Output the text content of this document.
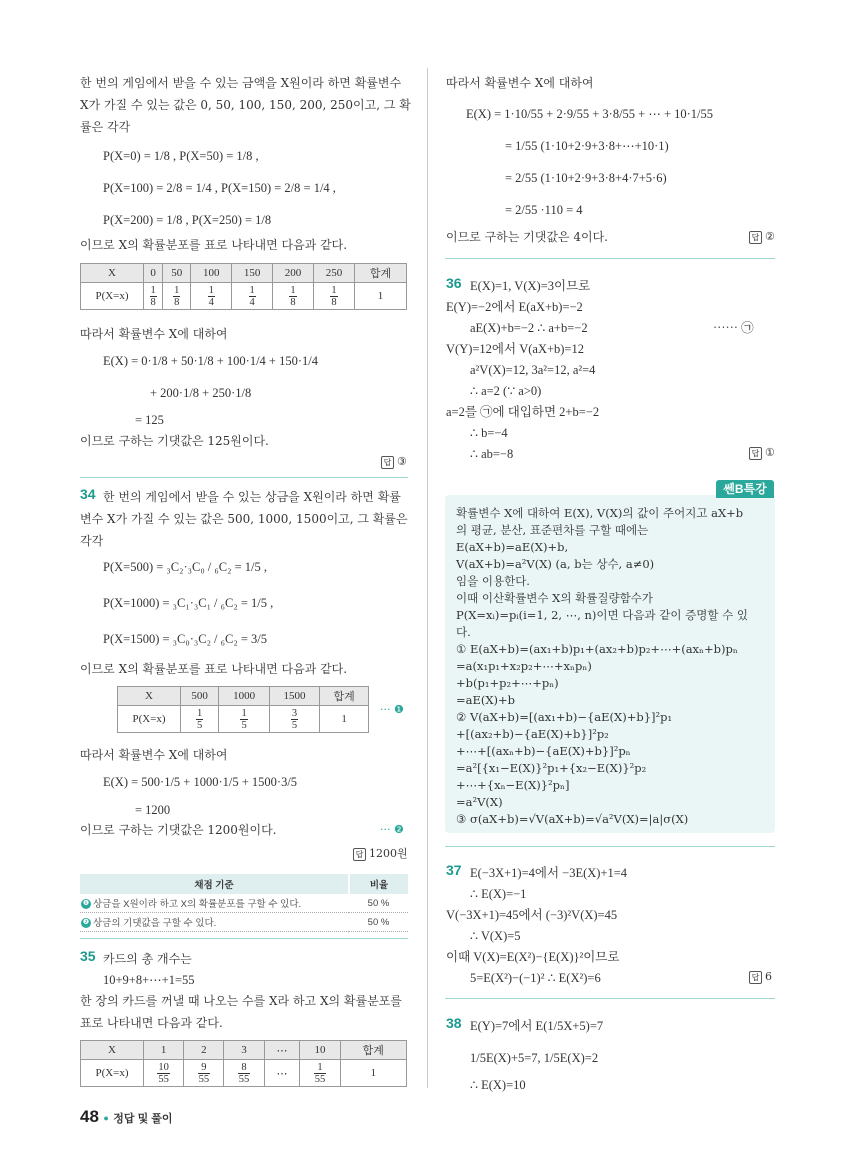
한 번의 게임에서 받을 수 있는 금액을 X원이라 하면 확률변수
X가 가질 수 있는 값은 0, 50, 100, 150, 200, 250이고, 그 확
률은 각각
P(X=0) = 1/8 , P(X=50) = 1/8 ,
P(X=100) = 2/8 = 1/4 , P(X=150) = 2/8 = 1/4 ,
P(X=200) = 1/8 , P(X=250) = 1/8
이므로 X의 확률분포를 표로 나타내면 다음과 같다.
X	0	50	100	150	200	250	합계
P(X=x)	$\frac{1}{8}$	$\frac{1}{8}$	$\frac{1}{4}$	$\frac{1}{4}$	$\frac{1}{8}$	$\frac{1}{8}$	1
따라서 확률변수 X에 대하여
E(X) = 0·1/8 + 50·1/8 + 100·1/4 + 150·1/4
+ 200·1/8 + 250·1/8
= 125
이므로 구하는 기댓값은 125원이다.
답 ③
34 한 번의 게임에서 받을 수 있는 상금을 X원이라 하면 확률
변수 X가 가질 수 있는 값은 500, 1000, 1500이고, 그 확률은
각각
P(X=500) = ₃C₂·₃C₀ / ₆C₂ = 1/5 ,
P(X=1000) = ₃C₁·₃C₁ / ₆C₂ = 1/5 ,
P(X=1500) = ₃C₀·₃C₂ / ₆C₂ = 3/5
이므로 X의 확률분포를 표로 나타내면 다음과 같다.
X	500	1000	1500	합계
P(X=x)	$\frac{1}{5}$	$\frac{1}{5}$	$\frac{3}{5}$	1
··· ❶
따라서 확률변수 X에 대하여
E(X) = 500·1/5 + 1000·1/5 + 1500·3/5
= 1200
이므로 구하는 기댓값은 1200원이다.	··· ❷
답 1200원
채점 기준	비율
❶ 상금을 X원이라 하고 X의 확률분포를 구할 수 있다.	50 %
❷ 상금의 기댓값을 구할 수 있다.	50 %
35 카드의 총 개수는
10+9+8+⋯+1=55
한 장의 카드를 꺼낼 때 나오는 수를 X라 하고 X의 확률분포를
표로 나타내면 다음과 같다.
X	1	2	3	⋯	10	합계
P(X=x)	$\frac{10}{55}$	$\frac{9}{55}$	$\frac{8}{55}$	⋯	$\frac{1}{55}$	1
따라서 확률변수 X에 대하여
E(X) = 1·10/55 + 2·9/55 + 3·8/55 + ⋯ + 10·1/55
= 1/55 (1·10+2·9+3·8+⋯+10·1)
= 2/55 (1·10+2·9+3·8+4·7+5·6)
= 2/55 ·110 = 4
이므로 구하는 기댓값은 4이다.	답 ②
36 E(X)=1, V(X)=3이므로
E(Y)=−2에서 E(aX+b)=−2
aE(X)+b=−2 ∴ a+b=−2	⋯⋯ ㉠
V(Y)=12에서 V(aX+b)=12
a²V(X)=12, 3a²=12, a²=4
∴ a=2 (∵ a>0)
a=2를 ㉠에 대입하면 2+b=−2
∴ b=−4
∴ ab=−8	답 ①
쎈B특강
확률변수 X에 대하여 E(X), V(X)의 값이 주어지고 aX+b
의 평균, 분산, 표준편차를 구할 때에는
E(aX+b)=aE(X)+b,
V(aX+b)=a²V(X) (a, b는 상수, a≠0)
임을 이용한다.
이때 이산확률변수 X의 확률질량함수가
P(X=xᵢ)=pᵢ(i=1, 2, ⋯, n)이면 다음과 같이 증명할 수 있
다.
① E(aX+b)=(ax₁+b)p₁+(ax₂+b)p₂+⋯+(axₙ+b)pₙ
=a(x₁p₁+x₂p₂+⋯+xₙpₙ)
+b(p₁+p₂+⋯+pₙ)
=aE(X)+b
② V(aX+b)=[(ax₁+b)−{aE(X)+b}]²p₁
+[(ax₂+b)−{aE(X)+b}]²p₂
+⋯+[(axₙ+b)−{aE(X)+b}]²pₙ
=a²[{x₁−E(X)}²p₁+{x₂−E(X)}²p₂
+⋯+{xₙ−E(X)}²pₙ]
=a²V(X)
③ σ(aX+b)=√V(aX+b)=√a²V(X)=|a|σ(X)
37 E(−3X+1)=4에서 −3E(X)+1=4
∴ E(X)=−1
V(−3X+1)=45에서 (−3)²V(X)=45
∴ V(X)=5
이때 V(X)=E(X²)−{E(X)}²이므로
5=E(X²)−(−1)² ∴ E(X²)=6	답 6
38 E(Y)=7에서 E(1/5X+5)=7
1/5E(X)+5=7, 1/5E(X)=2
∴ E(X)=10
48 ● 정답 및 풀이
